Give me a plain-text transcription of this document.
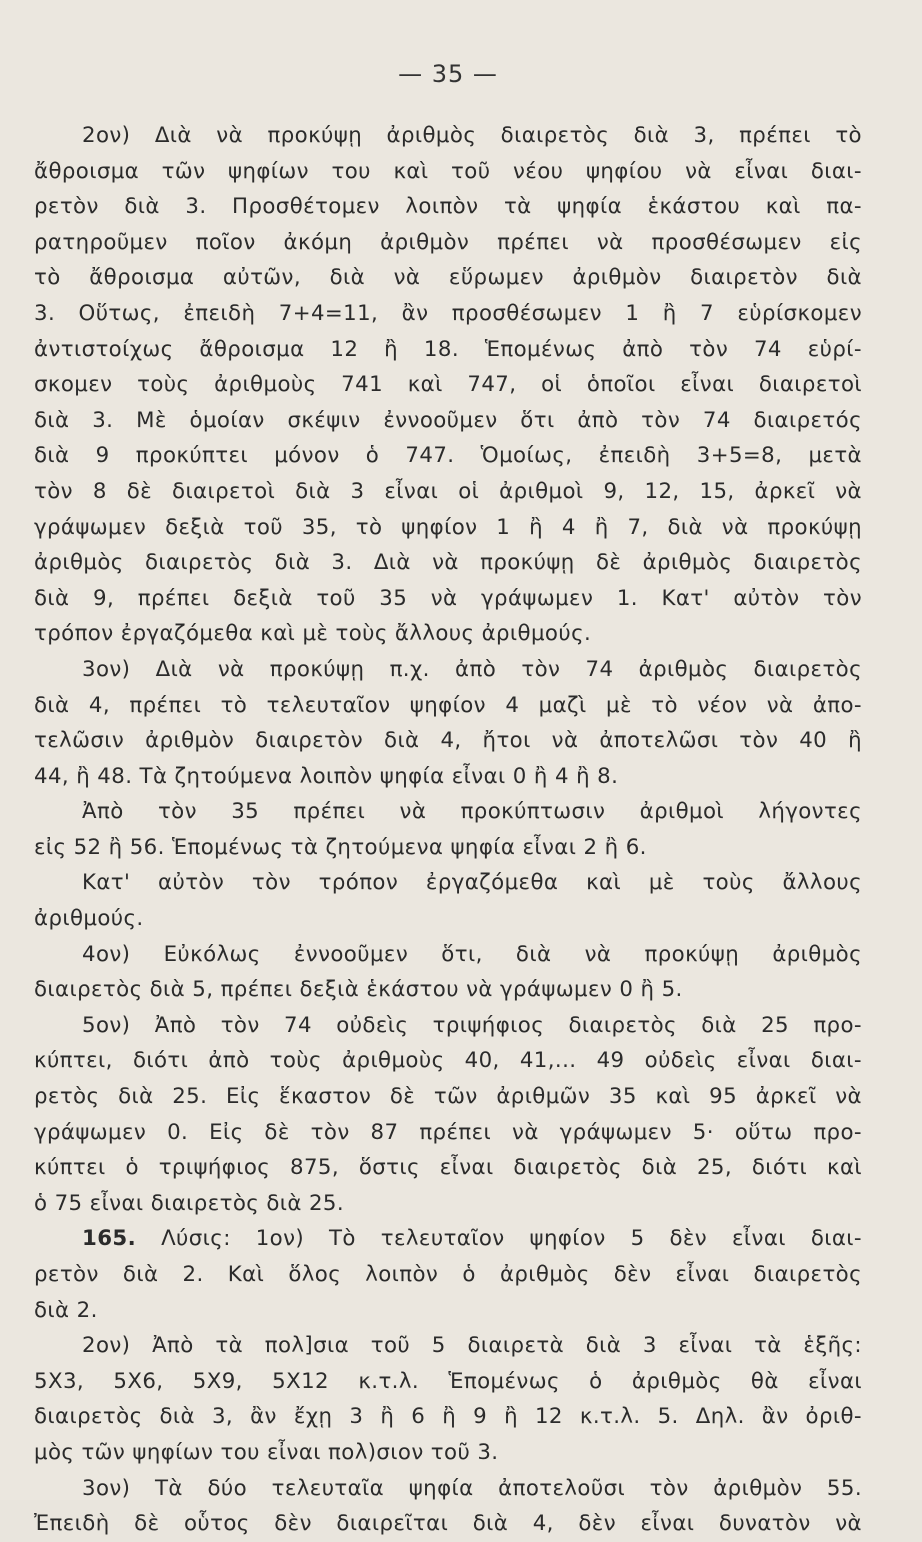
— 35 —
2ον) Διὰ νὰ προκύψῃ ἀριθμὸς διαιρετὸς διὰ 3, πρέπει τὸ
ἄθροισμα τῶν ψηφίων του καὶ τοῦ νέου ψηφίου νὰ εἶναι διαι-
ρετὸν διὰ 3. Προσθέτομεν λοιπὸν τὰ ψηφία ἑκάστου καὶ πα-
ρατηροῦμεν ποῖον ἀκόμη ἀριθμὸν πρέπει νὰ προσθέσωμεν εἰς
τὸ ἄθροισμα αὐτῶν, διὰ νὰ εὕρωμεν ἀριθμὸν διαιρετὸν διὰ
3. Οὕτως, ἐπειδὴ 7+4=11, ἂν προσθέσωμεν 1 ἢ 7 εὑρίσκομεν
ἀντιστοίχως ἄθροισμα 12 ἢ 18. Ἑπομένως ἀπὸ τὸν 74 εὑρί-
σκομεν τοὺς ἀριθμοὺς 741 καὶ 747, οἱ ὁποῖοι εἶναι διαιρετοὶ
διὰ 3. Μὲ ὁμοίαν σκέψιν ἐννοοῦμεν ὅτι ἀπὸ τὸν 74 διαιρετός
διὰ 9 προκύπτει μόνον ὁ 747. Ὁμοίως, ἐπειδὴ 3+5=8, μετὰ
τὸν 8 δὲ διαιρετοὶ διὰ 3 εἶναι οἱ ἀριθμοὶ 9, 12, 15, ἀρκεῖ νὰ
γράψωμεν δεξιὰ τοῦ 35, τὸ ψηφίον 1 ἢ 4 ἢ 7, διὰ νὰ προκύψῃ
ἀριθμὸς διαιρετὸς διὰ 3. Διὰ νὰ προκύψῃ δὲ ἀριθμὸς διαιρετὸς
διὰ 9, πρέπει δεξιὰ τοῦ 35 νὰ γράψωμεν 1. Κατ' αὐτὸν τὸν
τρόπον ἐργαζόμεθα καὶ μὲ τοὺς ἄλλους ἀριθμούς.
3ον) Διὰ νὰ προκύψῃ π.χ. ἀπὸ τὸν 74 ἀριθμὸς διαιρετὸς
διὰ 4, πρέπει τὸ τελευταῖον ψηφίον 4 μαζὶ μὲ τὸ νέον νὰ ἀπο-
τελῶσιν ἀριθμὸν διαιρετὸν διὰ 4, ἤτοι νὰ ἀποτελῶσι τὸν 40 ἢ
44, ἢ 48. Τὰ ζητούμενα λοιπὸν ψηφία εἶναι 0 ἢ 4 ἢ 8.
Ἀπὸ τὸν 35 πρέπει νὰ προκύπτωσιν ἀριθμοὶ λήγοντες
εἰς 52 ἢ 56. Ἑπομένως τὰ ζητούμενα ψηφία εἶναι 2 ἢ 6.
Κατ' αὐτὸν τὸν τρόπον ἐργαζόμεθα καὶ μὲ τοὺς ἄλλους
ἀριθμούς.
4ον) Εὐκόλως ἐννοοῦμεν ὅτι, διὰ νὰ προκύψῃ ἀριθμὸς
διαιρετὸς διὰ 5, πρέπει δεξιὰ ἑκάστου νὰ γράψωμεν 0 ἢ 5.
5ον) Ἀπὸ τὸν 74 οὐδεὶς τριψήφιος διαιρετὸς διὰ 25 προ-
κύπτει, διότι ἀπὸ τοὺς ἀριθμοὺς 40, 41,... 49 οὐδεὶς εἶναι διαι-
ρετὸς διὰ 25. Εἰς ἕκαστον δὲ τῶν ἀριθμῶν 35 καὶ 95 ἀρκεῖ νὰ
γράψωμεν 0. Εἰς δὲ τὸν 87 πρέπει νὰ γράψωμεν 5· οὕτω προ-
κύπτει ὁ τριψήφιος 875, ὅστις εἶναι διαιρετὸς διὰ 25, διότι καὶ
ὁ 75 εἶναι διαιρετὸς διὰ 25.
165. Λύσις: 1ον) Τὸ τελευταῖον ψηφίον 5 δὲν εἶναι διαι-
ρετὸν διὰ 2. Καὶ ὅλος λοιπὸν ὁ ἀριθμὸς δὲν εἶναι διαιρετὸς
διὰ 2.
2ον) Ἀπὸ τὰ πολ]σια τοῦ 5 διαιρετὰ διὰ 3 εἶναι τὰ ἑξῆς:
5X3, 5X6, 5X9, 5X12 κ.τ.λ. Ἑπομένως ὁ ἀριθμὸς θὰ εἶναι
διαιρετὸς διὰ 3, ἂν ἔχῃ 3 ἢ 6 ἢ 9 ἢ 12 κ.τ.λ. 5. Δηλ. ἂν ὀριθ-
μὸς τῶν ψηφίων του εἶναι πολ)σιον τοῦ 3.
3ον) Τὰ δύο τελευταῖα ψηφία ἀποτελοῦσι τὸν ἀριθμὸν 55.
Ἐπειδὴ δὲ οὗτος δὲν διαιρεῖται διὰ 4, δὲν εἶναι δυνατὸν νὰ
